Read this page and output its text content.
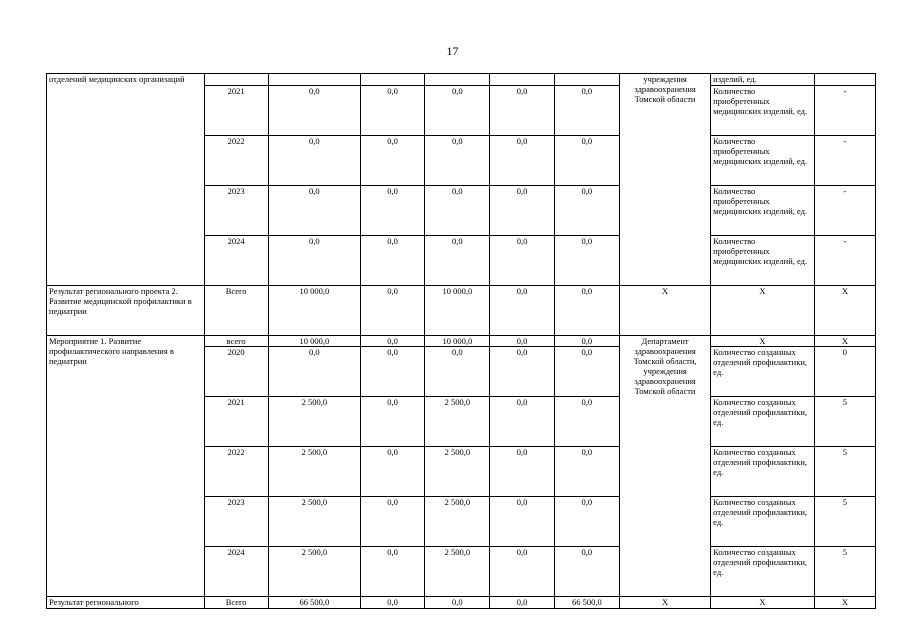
17
отделений медицинских организаций							учреждения здравоохранения Томской области	изделий, ед.	
	2021	0,0	0,0	0,0	0,0	0,0		Количество приобретенных медицинских изделий, ед.	-
	2022	0,0	0,0	0,0	0,0	0,0		Количество приобретенных медицинских изделий, ед.	-
	2023	0,0	0,0	0,0	0,0	0,0		Количество приобретенных медицинских изделий, ед.	-
	2024	0,0	0,0	0,0	0,0	0,0		Количество приобретенных медицинских изделий, ед.	-
Результат регионального проекта 2. Развитие медицинской профилактики в педиатрии	Всего	10 000,0	0,0	10 000,0	0,0	0,0	X	X	X
Мероприятие 1. Развитие профилактического направления в педиатрии	всего	10 000,0	0,0	10 000,0	0,0	0,0	Департамент здравоохранения Томской области, учреждения здравоохранения Томской области	X	X
	2020	0,0	0,0	0,0	0,0	0,0		Количество созданных отделений профилактики, ед.	0
	2021	2 500,0	0,0	2 500,0	0,0	0,0		Количество созданных отделений профилактики, ед.	5
	2022	2 500,0	0,0	2 500,0	0,0	0,0		Количество созданных отделений профилактики, ед.	5
	2023	2 500,0	0,0	2 500,0	0,0	0,0		Количество созданных отделений профилактики, ед.	5
	2024	2 500,0	0,0	2 500,0	0,0	0,0		Количество созданных отделений профилактики, ед.	5
Результат регионального	Всего	66 500,0	0,0	0,0	0,0	66 500,0	X	X	X
